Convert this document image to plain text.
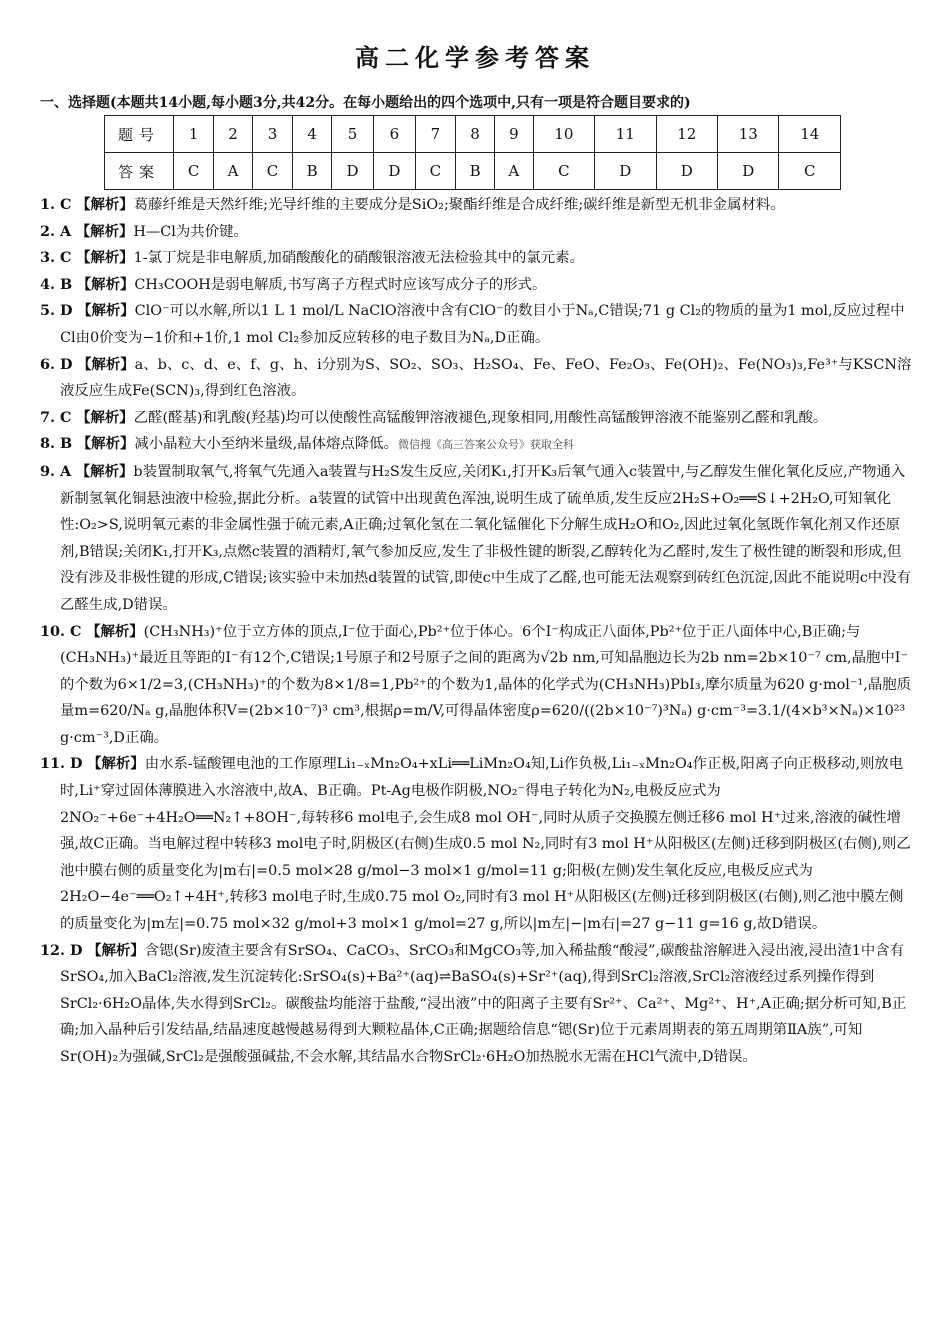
高二化学参考答案
一、选择题(本题共14小题,每小题3分,共42分。在每小题给出的四个选项中,只有一项是符合题目要求的)
题号	1	2	3	4	5	6	7	8	9	10	11	12	13	14
答案	C	A	C	B	D	D	C	B	A	C	D	D	D	C

1. C 【解析】葛藤纤维是天然纤维;光导纤维的主要成分是SiO₂;聚酯纤维是合成纤维;碳纤维是新型无机非金属材料。

2. A 【解析】H—Cl为共价键。

3. C 【解析】1-氯丁烷是非电解质,加硝酸酸化的硝酸银溶液无法检验其中的氯元素。

4. B 【解析】CH₃COOH是弱电解质,书写离子方程式时应该写成分子的形式。

5. D 【解析】ClO⁻可以水解,所以1 L 1 mol/L NaClO溶液中含有ClO⁻的数目小于Nₐ,C错误;71 g Cl₂的物质的量为1 mol,反应过程中Cl由0价变为−1价和+1价,1 mol Cl₂参加反应转移的电子数目为Nₐ,D正确。

6. D 【解析】a、b、c、d、e、f、g、h、i分别为S、SO₂、SO₃、H₂SO₄、Fe、FeO、Fe₂O₃、Fe(OH)₂、Fe(NO₃)₃,Fe³⁺与KSCN溶液反应生成Fe(SCN)₃,得到红色溶液。

7. C 【解析】乙醛(醛基)和乳酸(羟基)均可以使酸性高锰酸钾溶液褪色,现象相同,用酸性高锰酸钾溶液不能鉴别乙醛和乳酸。

8. B 【解析】减小晶粒大小至纳米量级,晶体熔点降低。微信搜《高三答案公众号》获取全科

9. A 【解析】b装置制取氧气,将氧气先通入a装置与H₂S发生反应,关闭K₁,打开K₃后氧气通入c装置中,与乙醇发生催化氧化反应,产物通入新制氢氧化铜悬浊液中检验,据此分析。a装置的试管中出现黄色浑浊,说明生成了硫单质,发生反应2H₂S+O₂══S↓+2H₂O,可知氧化性:O₂>S,说明氧元素的非金属性强于硫元素,A正确;过氧化氢在二氧化锰催化下分解生成H₂O和O₂,因此过氧化氢既作氧化剂又作还原剂,B错误;关闭K₁,打开K₃,点燃c装置的酒精灯,氧气参加反应,发生了非极性键的断裂,乙醇转化为乙醛时,发生了极性键的断裂和形成,但没有涉及非极性键的形成,C错误;该实验中未加热d装置的试管,即使c中生成了乙醛,也可能无法观察到砖红色沉淀,因此不能说明c中没有乙醛生成,D错误。

10. C 【解析】(CH₃NH₃)⁺位于立方体的顶点,I⁻位于面心,Pb²⁺位于体心。6个I⁻构成正八面体,Pb²⁺位于正八面体中心,B正确;与(CH₃NH₃)⁺最近且等距的I⁻有12个,C错误;1号原子和2号原子之间的距离为√2b nm,可知晶胞边长为2b nm=2b×10⁻⁷ cm,晶胞中I⁻的个数为6×1/2=3,(CH₃NH₃)⁺的个数为8×1/8=1,Pb²⁺的个数为1,晶体的化学式为(CH₃NH₃)PbI₃,摩尔质量为620 g·mol⁻¹,晶胞质量m=620/Nₐ g,晶胞体积V=(2b×10⁻⁷)³ cm³,根据ρ=m/V,可得晶体密度ρ=620/((2b×10⁻⁷)³Nₐ) g·cm⁻³=3.1/(4×b³×Nₐ)×10²³ g·cm⁻³,D正确。

11. D 【解析】由水系-锰酸锂电池的工作原理Li₁₋ₓMn₂O₄+xLi══LiMn₂O₄知,Li作负极,Li₁₋ₓMn₂O₄作正极,阳离子向正极移动,则放电时,Li⁺穿过固体薄膜进入水溶液中,故A、B正确。Pt-Ag电极作阴极,NO₂⁻得电子转化为N₂,电极反应式为2NO₂⁻+6e⁻+4H₂O══N₂↑+8OH⁻,每转移6 mol电子,会生成8 mol OH⁻,同时从质子交换膜左侧迁移6 mol H⁺过来,溶液的碱性增强,故C正确。当电解过程中转移3 mol电子时,阴极区(右侧)生成0.5 mol N₂,同时有3 mol H⁺从阳极区(左侧)迁移到阴极区(右侧),则乙池中膜右侧的质量变化为|m右|=0.5 mol×28 g/mol−3 mol×1 g/mol=11 g;阳极(左侧)发生氧化反应,电极反应式为2H₂O−4e⁻══O₂↑+4H⁺,转移3 mol电子时,生成0.75 mol O₂,同时有3 mol H⁺从阳极区(左侧)迁移到阴极区(右侧),则乙池中膜左侧的质量变化为|m左|=0.75 mol×32 g/mol+3 mol×1 g/mol=27 g,所以|m左|−|m右|=27 g−11 g=16 g,故D错误。

12. D 【解析】含锶(Sr)废渣主要含有SrSO₄、CaCO₃、SrCO₃和MgCO₃等,加入稀盐酸“酸浸”,碳酸盐溶解进入浸出液,浸出渣1中含有SrSO₄,加入BaCl₂溶液,发生沉淀转化:SrSO₄(s)+Ba²⁺(aq)⇌BaSO₄(s)+Sr²⁺(aq),得到SrCl₂溶液,SrCl₂溶液经过系列操作得到SrCl₂·6H₂O晶体,失水得到SrCl₂。碳酸盐均能溶于盐酸,“浸出液”中的阳离子主要有Sr²⁺、Ca²⁺、Mg²⁺、H⁺,A正确;据分析可知,B正确;加入晶种后引发结晶,结晶速度越慢越易得到大颗粒晶体,C正确;据题给信息“锶(Sr)位于元素周期表的第五周期第ⅡA族”,可知Sr(OH)₂为强碱,SrCl₂是强酸强碱盐,不会水解,其结晶水合物SrCl₂·6H₂O加热脱水无需在HCl气流中,D错误。
